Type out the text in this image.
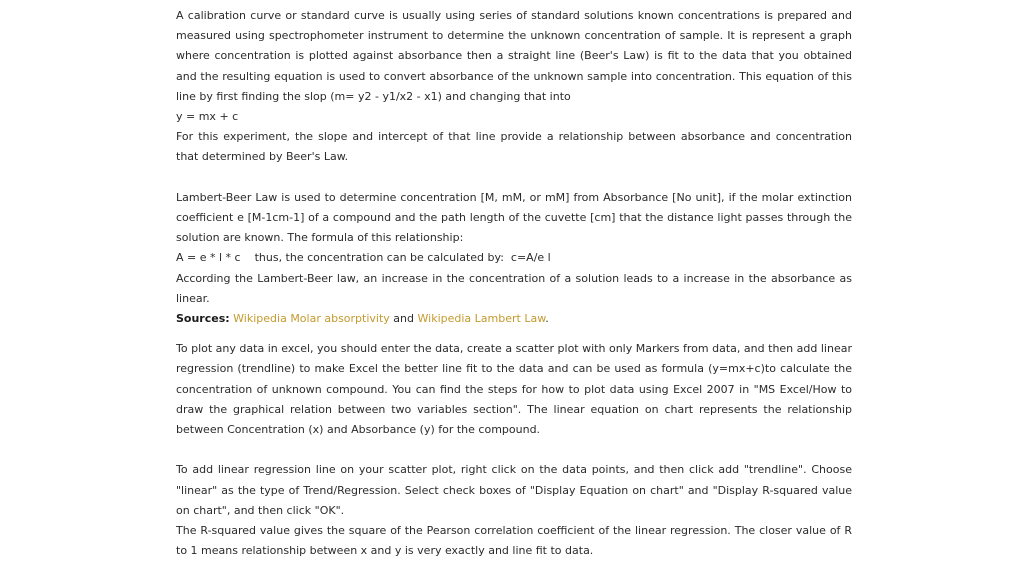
A calibration curve or standard curve is usually using series of standard solutions known concentrations is prepared and measured using spectrophometer instrument to determine the unknown concentration of sample. It is represent a graph where concentration is plotted against absorbance then a straight line (Beer's Law) is fit to the data that you obtained and the resulting equation is used to convert absorbance of the unknown sample into concentration. This equation of this line by first finding the slop (m= y2 - y1/x2 - x1) and changing that into

y = mx + c

For this experiment, the slope and intercept of that line provide a relationship between absorbance and concentration that determined by Beer's Law.

Lambert-Beer Law is used to determine concentration [M, mM, or mM] from Absorbance [No unit], if the molar extinction coefficient e [M-1cm-1] of a compound and the path length of the cuvette [cm] that the distance light passes through the solution are known. The formula of this relationship:

A = e * l * c    thus, the concentration can be calculated by:  c=A/e l

According the Lambert-Beer law, an increase in the concentration of a solution leads to a increase in the absorbance as linear.

Sources: Wikipedia Molar absorptivity and Wikipedia Lambert Law.

To plot any data in excel, you should enter the data, create a scatter plot with only Markers from data, and then add linear regression (trendline) to make Excel the better line fit to the data and can be used as formula (y=mx+c)to calculate the concentration of unknown compound. You can find the steps for how to plot data using Excel 2007 in "MS Excel/How to draw the graphical relation between two variables section". The linear equation on chart represents the relationship between Concentration (x) and Absorbance (y) for the compound.

To add linear regression line on your scatter plot, right click on the data points, and then click add "trendline". Choose "linear" as the type of Trend/Regression. Select check boxes of "Display Equation on chart" and "Display R-squared value on chart", and then click "OK".

The R-squared value gives the square of the Pearson correlation coefficient of the linear regression. The closer value of R to 1 means relationship between x and y is very exactly and line fit to data.
